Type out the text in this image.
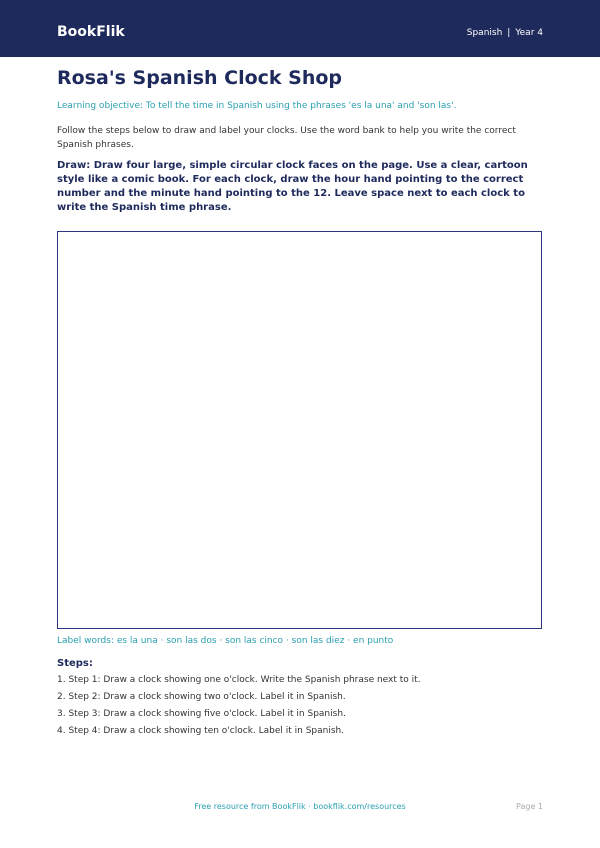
BookFlik	Spanish | Year 4
Rosa's Spanish Clock Shop
Learning objective: To tell the time in Spanish using the phrases 'es la una' and 'son las'.
Follow the steps below to draw and label your clocks. Use the word bank to help you write the correct Spanish phrases.
Draw: Draw four large, simple circular clock faces on the page. Use a clear, cartoon style like a comic book. For each clock, draw the hour hand pointing to the correct number and the minute hand pointing to the 12. Leave space next to each clock to write the Spanish time phrase.
Label words: es la una · son las dos · son las cinco · son las diez · en punto
Steps:
1. Step 1: Draw a clock showing one o'clock. Write the Spanish phrase next to it.
2. Step 2: Draw a clock showing two o'clock. Label it in Spanish.
3. Step 3: Draw a clock showing five o'clock. Label it in Spanish.
4. Step 4: Draw a clock showing ten o'clock. Label it in Spanish.
Free resource from BookFlik · bookflik.com/resources	Page 1
